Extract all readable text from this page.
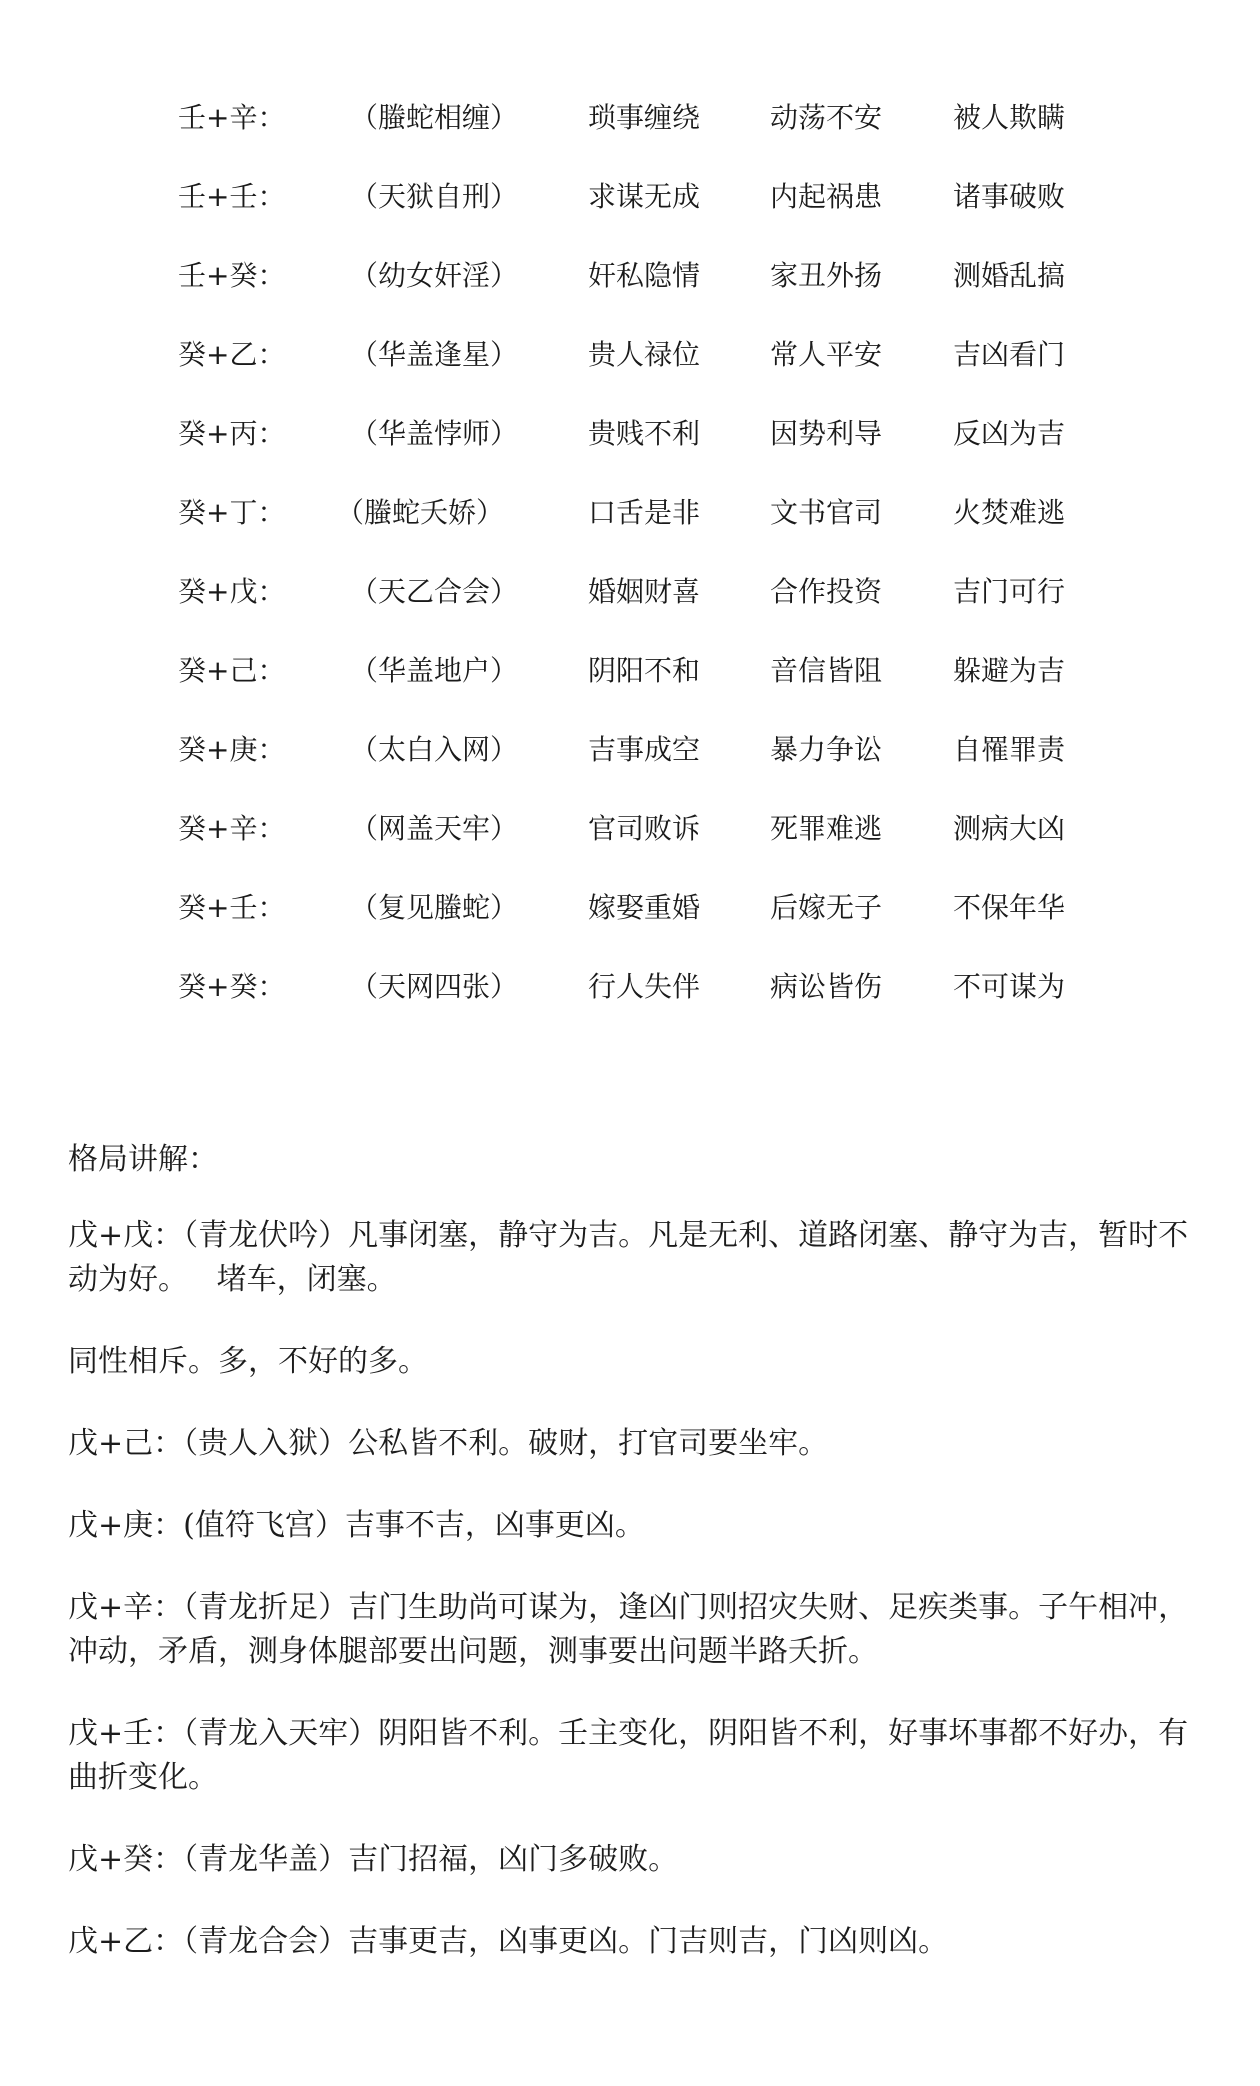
壬+辛： （螣蛇相缠） 琐事缠绕 动荡不安	被人欺瞒
壬+壬： （天狱自刑） 求谋无成 内起祸患	诸事破败
壬+癸： （幼女奸淫） 奸私隐情 家丑外扬	测婚乱搞
癸+乙： （华盖逢星） 贵人禄位 常人平安	吉凶看门
癸+丙： （华盖悖师） 贵贱不利 因势利导	反凶为吉
癸+丁： （螣蛇夭娇）	口舌是非 文书官司	火焚难逃
癸+戊： （天乙合会） 婚姻财喜 合作投资	吉门可行
癸+己： （华盖地户） 阴阳不和 音信皆阻	躲避为吉
癸+庚： （太白入网） 吉事成空 暴力争讼	自罹罪责
癸+辛： （网盖天牢） 官司败诉 死罪难逃	测病大凶
癸+壬： （复见螣蛇） 嫁娶重婚 后嫁无子	不保年华
癸+癸： （天网四张） 行人失伴 病讼皆伤	不可谋为
格局讲解：
戊+戊：（青龙伏吟）凡事闭塞，静守为吉。凡是无利、道路闭塞、静守为吉，暂时不动为好。   堵车，闭塞。
同性相斥。多，不好的多。
戊+己：（贵人入狱）公私皆不利。破财，打官司要坐牢。
戊+庚：(值符飞宫）吉事不吉，凶事更凶。
戊+辛：（青龙折足）吉门生助尚可谋为，逢凶门则招灾失财、足疾类事。子午相冲，冲动，矛盾，测身体腿部要出问题，测事要出问题半路夭折。
戊+壬：（青龙入天牢）阴阳皆不利。壬主变化，阴阳皆不利，好事坏事都不好办，有曲折变化。
戊+癸：（青龙华盖）吉门招福，凶门多破败。
戊+乙：（青龙合会）吉事更吉，凶事更凶。门吉则吉，门凶则凶。
